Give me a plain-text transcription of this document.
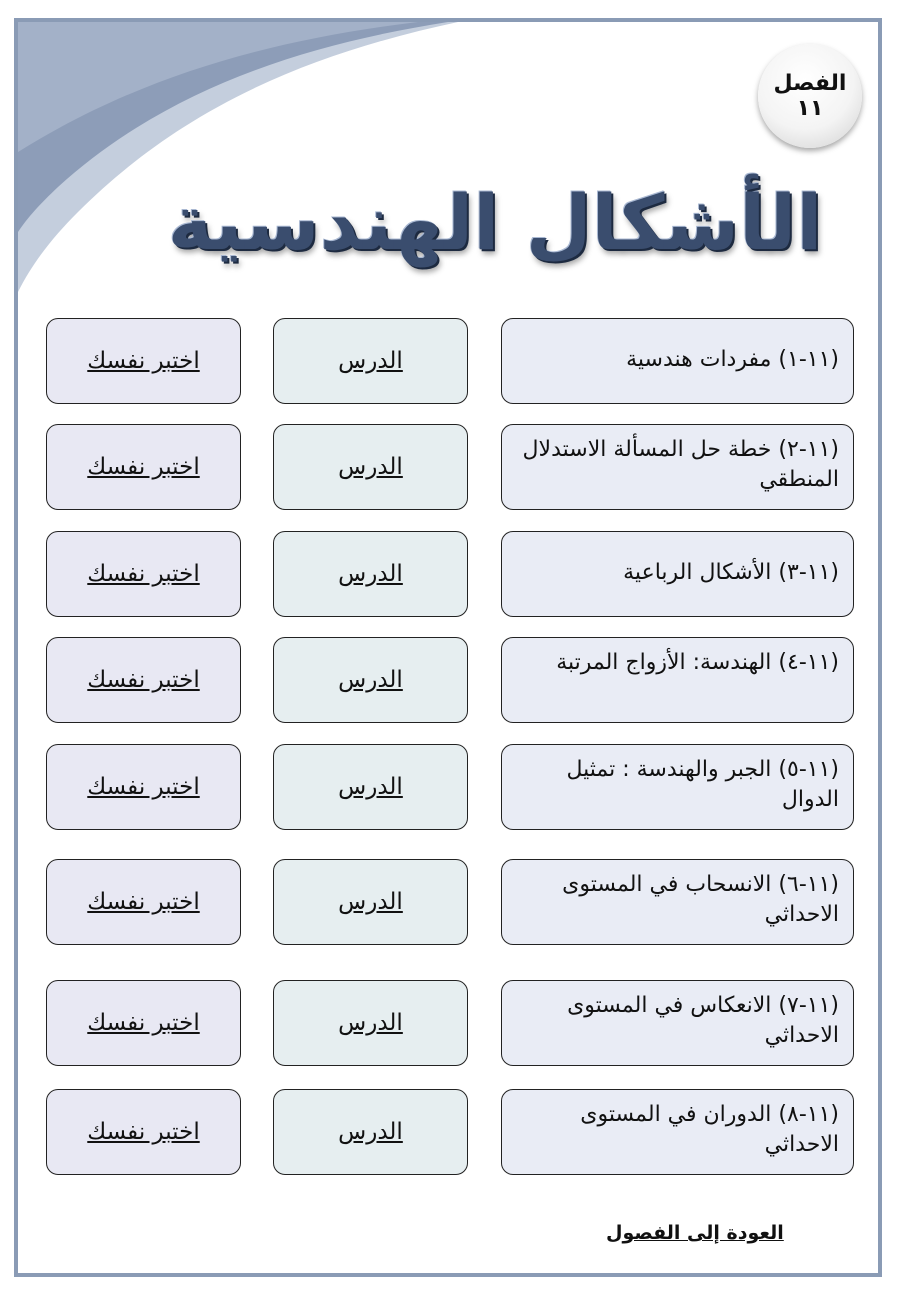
الفصل
١١
الأشكال الهندسية
(١١-١) مفردات هندسية
الدرس
اختبر نفسك
(١١-٢) خطة حل المسألة الاستدلال المنطقي
الدرس
اختبر نفسك
(١١-٣) الأشكال الرباعية
الدرس
اختبر نفسك
(١١-٤) الهندسة: الأزواج المرتبة
الدرس
اختبر نفسك
(١١-٥) الجبر والهندسة : تمثيل الدوال
الدرس
اختبر نفسك
(١١-٦) الانسحاب في المستوى الاحداثي
الدرس
اختبر نفسك
(١١-٧) الانعكاس في المستوى الاحداثي
الدرس
اختبر نفسك
(١١-٨) الدوران في المستوى الاحداثي
الدرس
اختبر نفسك
العودة إلى الفصول
